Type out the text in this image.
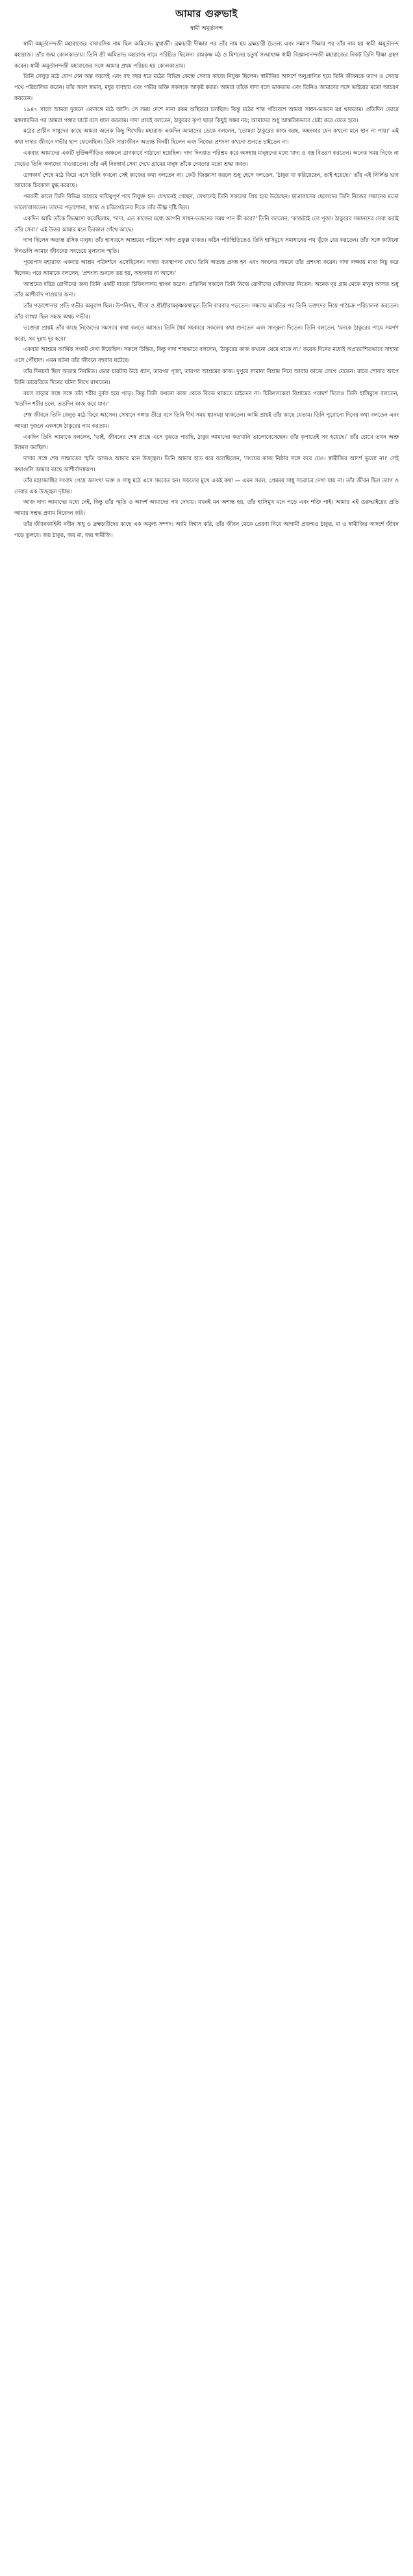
আমার গুরুভাই
স্বামী অমূর্তানন্দ

স্বামী অমূর্তানন্দজী মহারাজের বাবারসিক নাম ছিল অমিতাভ মুখার্জী। ব্রহ্মচারী দীক্ষার পর তাঁর নাম হয় ব্রহ্মচারী চৈতন্য এবং সন্ন্যাস দীক্ষার পর তাঁর নাম হয় স্বামী অমূর্তানন্দ মহারাজ। তাঁর জন্ম কোলকাতায়। তিনি শ্রী অমিতাভ মহারাজ নামে পরিচিত ছিলেন। রামকৃষ্ণ মঠ ও মিশনের চতুর্থ সংঘাধ্যক্ষ স্বামী বিজ্ঞানানন্দজী মহারাজের নিকট তিনি দীক্ষা গ্রহণ করেন। স্বামী অমূর্তানন্দজী মহারাজের সঙ্গে আমার প্রথম পরিচয় হয় কোলকাতায়।

তিনি বেলুড় মঠে যোগ দেন অল্প বয়সেই এবং বহু বছর ধরে মঠের বিভিন্ন কেন্দ্রে সেবার কাজে নিযুক্ত ছিলেন। স্বামীজির আদর্শে অনুপ্রাণিত হয়ে তিনি জীবনকে ত্যাগ ও সেবার পথে পরিচালিত করেন। তাঁর সরল স্বভাব, মধুর ব্যবহার এবং গভীর ভক্তি সকলকে আকৃষ্ট করত। আমরা তাঁকে দাদা বলে ডাকতাম এবং তিনিও আমাদের সঙ্গে ভাইয়ের মতো আচরণ করতেন।

১৯৪৭ সালে আমরা দুজনে একসঙ্গে মঠে আসি। সে সময় দেশে নানা রকম অস্থিরতা চলছিল। কিন্তু মঠের শান্ত পরিবেশে আমরা সাধন-ভজনে মগ্ন থাকতাম। প্রতিদিন ভোরে মঙ্গলারতির পর আমরা গঙ্গার ঘাটে বসে ধ্যান করতাম। দাদা প্রায়ই বলতেন, ঠাকুরের কৃপা ছাড়া কিছুই সম্ভব নয়; আমাদের শুধু আন্তরিকভাবে চেষ্টা করে যেতে হবে।

মঠের প্রাচীন সাধুদের কাছে আমরা অনেক কিছু শিখেছি। মহারাজ একদিন আমাদের ডেকে বললেন, 'তোমরা ঠাকুরের কাজ করছ, অহংকার যেন কখনো মনে স্থান না পায়।' এই কথা দাদার জীবনে গভীর ছাপ ফেলেছিল। তিনি সারাজীবন অত্যন্ত বিনয়ী ছিলেন এবং নিজের প্রশংসা কখনো শুনতে চাইতেন না।

একবার আমাদের একটি দুর্ভিক্ষপীড়িত অঞ্চলে ত্রাণকার্যে পাঠানো হয়েছিল। দাদা দিনরাত পরিশ্রম করে অসহায় মানুষদের মধ্যে খাদ্য ও বস্ত্র বিতরণ করতেন। অনেক সময় নিজে না খেয়েও তিনি অন্যদের খাওয়াতেন। তাঁর এই নিঃস্বার্থ সেবা দেখে গ্রামের মানুষ তাঁকে দেবতার মতো শ্রদ্ধা করত।

ত্রাণকার্য শেষে মঠে ফিরে এসে তিনি কখনো সেই কাজের কথা বলতেন না। কেউ জিজ্ঞাসা করলে শুধু হেসে বলতেন, 'ঠাকুর যা করিয়েছেন, তাই হয়েছে।' তাঁর এই নির্লিপ্ত ভাব আমাকে চিরকাল মুগ্ধ করেছে।

পরবর্তী কালে তিনি বিভিন্ন আশ্রমে দায়িত্বপূর্ণ পদে নিযুক্ত হন। যেখানেই গেছেন, সেখানেই তিনি সকলের প্রিয় হয়ে উঠেছেন। ছাত্রাবাসের ছেলেদের তিনি নিজের সন্তানের মতো ভালোবাসতেন। তাদের পড়াশোনা, স্বাস্থ্য ও চরিত্রগঠনের দিকে তাঁর তীক্ষ্ণ দৃষ্টি ছিল।

একদিন আমি তাঁকে জিজ্ঞাসা করেছিলাম, 'দাদা, এত কাজের মধ্যে আপনি সাধন-ভজনের সময় পান কী করে?' তিনি বললেন, 'কাজটাই তো পূজা। ঠাকুরের সন্তানদের সেবা করাই তাঁর সেবা।' এই উত্তর আমার মনে চিরকাল গেঁথে আছে।

দাদা ছিলেন অত্যন্ত রসিক মানুষ। তাঁর হাস্যরসে আশ্রমের পরিবেশ সর্বদা প্রফুল্ল থাকত। কঠিন পরিস্থিতিতেও তিনি হাসিমুখে সমাধানের পথ খুঁজে বের করতেন। তাঁর সঙ্গে কাটানো দিনগুলি আমার জীবনের সবচেয়ে মূল্যবান স্মৃতি।

পূজ্যপাদ মহারাজ একবার আশ্রম পরিদর্শনে এসেছিলেন। দাদার ব্যবস্থাপনা দেখে তিনি অত্যন্ত প্রসন্ন হন এবং সকলের সামনে তাঁর প্রশংসা করেন। দাদা লজ্জায় মাথা নিচু করে ছিলেন। পরে আমাকে বললেন, 'প্রশংসা শুনলে ভয় হয়, অহংকার না আসে।'

আশ্রমের দরিদ্র রোগীদের জন্য তিনি একটি দাতব্য চিকিৎসালয় স্থাপন করেন। প্রতিদিন সকালে তিনি নিজে রোগীদের খোঁজখবর নিতেন। অনেক দূর গ্রাম থেকে মানুষ আসত শুধু তাঁর আশীর্বাদ পাওয়ার জন্য।

তাঁর পড়াশোনার প্রতি গভীর অনুরাগ ছিল। উপনিষদ, গীতা ও শ্রীশ্রীরামকৃষ্ণকথামৃত তিনি বারবার পড়তেন। সন্ধ্যায় আরতির পর তিনি ভক্তদের নিয়ে পাঠচক্র পরিচালনা করতেন। তাঁর ব্যাখ্যা ছিল সহজ অথচ গভীর।

ভক্তেরা প্রায়ই তাঁর কাছে নিজেদের সমস্যার কথা বলতে আসত। তিনি ধৈর্য সহকারে সকলের কথা শুনতেন এবং সান্ত্বনা দিতেন। তিনি বলতেন, 'মনকে ঠাকুরের পায়ে সমর্পণ করো, সব দুঃখ দূর হবে।'

একবার আশ্রমে আর্থিক সংকট দেখা দিয়েছিল। সকলে চিন্তিত, কিন্তু দাদা শান্তভাবে বললেন, 'ঠাকুরের কাজ কখনো থেমে থাকে না।' কয়েক দিনের মধ্যেই অপ্রত্যাশিতভাবে সাহায্য এসে পৌঁছাল। এমন ঘটনা তাঁর জীবনে বহুবার ঘটেছে।

তাঁর দিনচর্যা ছিল অত্যন্ত নিয়মিত। ভোর চারটায় উঠে ধ্যান, তারপর পূজা, তারপর আশ্রমের কাজ। দুপুরে সামান্য বিশ্রাম নিয়ে আবার কাজে লেগে যেতেন। রাতে শোবার আগে তিনি ডায়েরিতে দিনের ঘটনা লিখে রাখতেন।

বয়স বাড়ার সঙ্গে সঙ্গে তাঁর শরীর দুর্বল হয়ে পড়ে। কিন্তু তিনি কখনো কাজ থেকে বিরত থাকতে চাইতেন না। চিকিৎসকেরা বিশ্রামের পরামর্শ দিলেও তিনি হাসিমুখে বলতেন, 'যতদিন শরীর চলে, ততদিন কাজ করে যাব।'

শেষ জীবনে তিনি বেলুড় মঠে ফিরে আসেন। সেখানে গঙ্গার তীরে বসে তিনি দীর্ঘ সময় ধ্যানমগ্ন থাকতেন। আমি প্রায়ই তাঁর কাছে যেতাম। তিনি পুরোনো দিনের কথা বলতেন এবং আমরা দুজনে একসঙ্গে ঠাকুরের নাম করতাম।

একদিন তিনি আমাকে বললেন, 'ভাই, জীবনের শেষ প্রান্তে এসে বুঝতে পারছি, ঠাকুর আমাদের কতখানি ভালোবেসেছেন। তাঁর কৃপাতেই সব হয়েছে।' তাঁর চোখে তখন অশ্রু টলমল করছিল।

দাদার সঙ্গে শেষ সাক্ষাতের স্মৃতি আজও আমার মনে উজ্জ্বল। তিনি আমার হাত ধরে বলেছিলেন, 'সংঘের কাজ নিষ্ঠার সঙ্গে করে যেও। স্বামীজির আদর্শ ভুলো না।' সেই কথাগুলি আমার কাছে আশীর্বাদস্বরূপ।

তাঁর মহাসমাধির সংবাদ পেয়ে অসংখ্য ভক্ত ও সাধু মঠে এসে সমবেত হন। সকলের মুখে একই কথা — এমন সরল, প্রেমময় সাধু সচরাচর দেখা যায় না। তাঁর জীবন ছিল ত্যাগ ও সেবার এক উজ্জ্বল দৃষ্টান্ত।

আজ দাদা আমাদের মধ্যে নেই, কিন্তু তাঁর স্মৃতি ও আদর্শ আমাদের পথ দেখায়। যখনই মন অশান্ত হয়, তাঁর হাসিমুখ মনে পড়ে এবং শক্তি পাই। আমার এই গুরুভাইয়ের প্রতি আমার সশ্রদ্ধ প্রণাম নিবেদন করি।

তাঁর জীবনকাহিনী নবীন সাধু ও ব্রহ্মচারীদের কাছে এক অমূল্য সম্পদ। আমি বিশ্বাস করি, তাঁর জীবন থেকে প্রেরণা নিয়ে আগামী প্রজন্মও ঠাকুর, মা ও স্বামীজির আদর্শে জীবন গড়ে তুলবে। জয় ঠাকুর, জয় মা, জয় স্বামীজি।
